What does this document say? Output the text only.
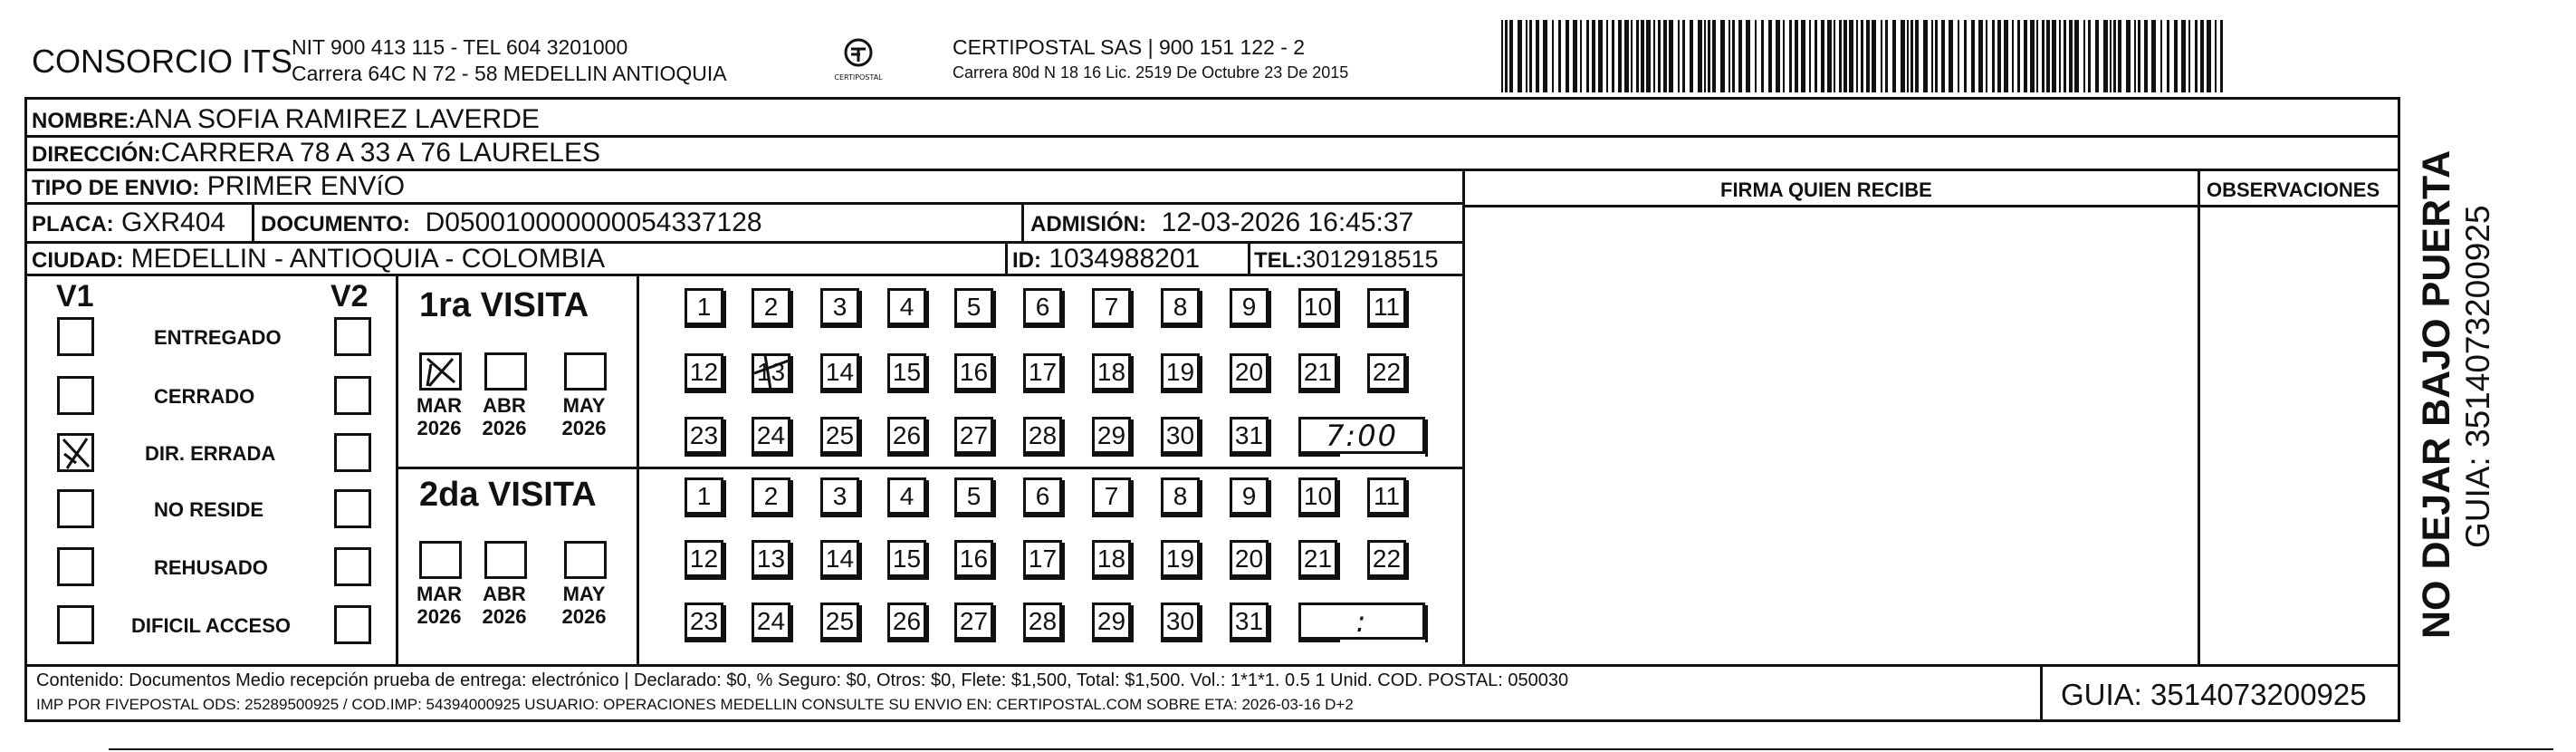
CONSORCIO ITS
NIT 900 413 115 - TEL 604 3201000
Carrera 64C N 72 - 58 MEDELLIN ANTIOQUIA	CERTIPOSTAL
CERTIPOSTAL SAS | 900 151 122 - 2
Carrera 80d N 18 16 Lic. 2519 De Octubre 23 De 2015
FIRMA QUIEN RECIBE	OBSERVACIONES
NOMBRE:ANA SOFIA RAMIREZ LAVERDE
DIRECCIÓN:CARRERA 78 A 33 A 76 LAURELES
TIPO DE ENVIO: PRIMER ENVíO
PLACA: GXR404 DOCUMENTO: D050010000000054337128	ADMISIÓN: 12-03-2026 16:45:37
CIUDAD: MEDELLIN - ANTIOQUIA - COLOMBIA	ID: 1034988201 TEL:3012918515
V1	V2
ENTREGADO
CERRADO
DIR. ERRADA
NO RESIDE
REHUSADO
DIFICIL ACCESO
1ra VISITA
2da VISITA
MAR
2026
ABR
2026
MAY
2026
MAR
2026
ABR
2026
MAY
2026
1 2 3 4 5 6 7 8 9 10 11
12 13 14 15 16 17 18 19 20 21 22
23 24 25 26 27 28 29 30 31 7:00
1 2 3 4 5 6 7 8 9 10 11
12 13 14 15 16 17 18 19 20 21 22
23 24 25 26 27 28 29 30 31	:
Contenido: Documentos Medio recepción prueba de entrega: electrónico | Declarado: $0, % Seguro: $0, Otros: $0, Flete: $1,500, Total: $1,500. Vol.: 1*1*1. 0.5 1 Unid. COD. POSTAL: 050030
IMP POR FIVEPOSTAL ODS: 25289500925 / COD.IMP: 54394000925 USUARIO: OPERACIONES MEDELLIN CONSULTE SU ENVIO EN: CERTIPOSTAL.COM SOBRE ETA: 2026-03-16 D+2	GUIA: 3514073200925
NO DEJAR BAJO PUERTA GUIA: 3514073200925
